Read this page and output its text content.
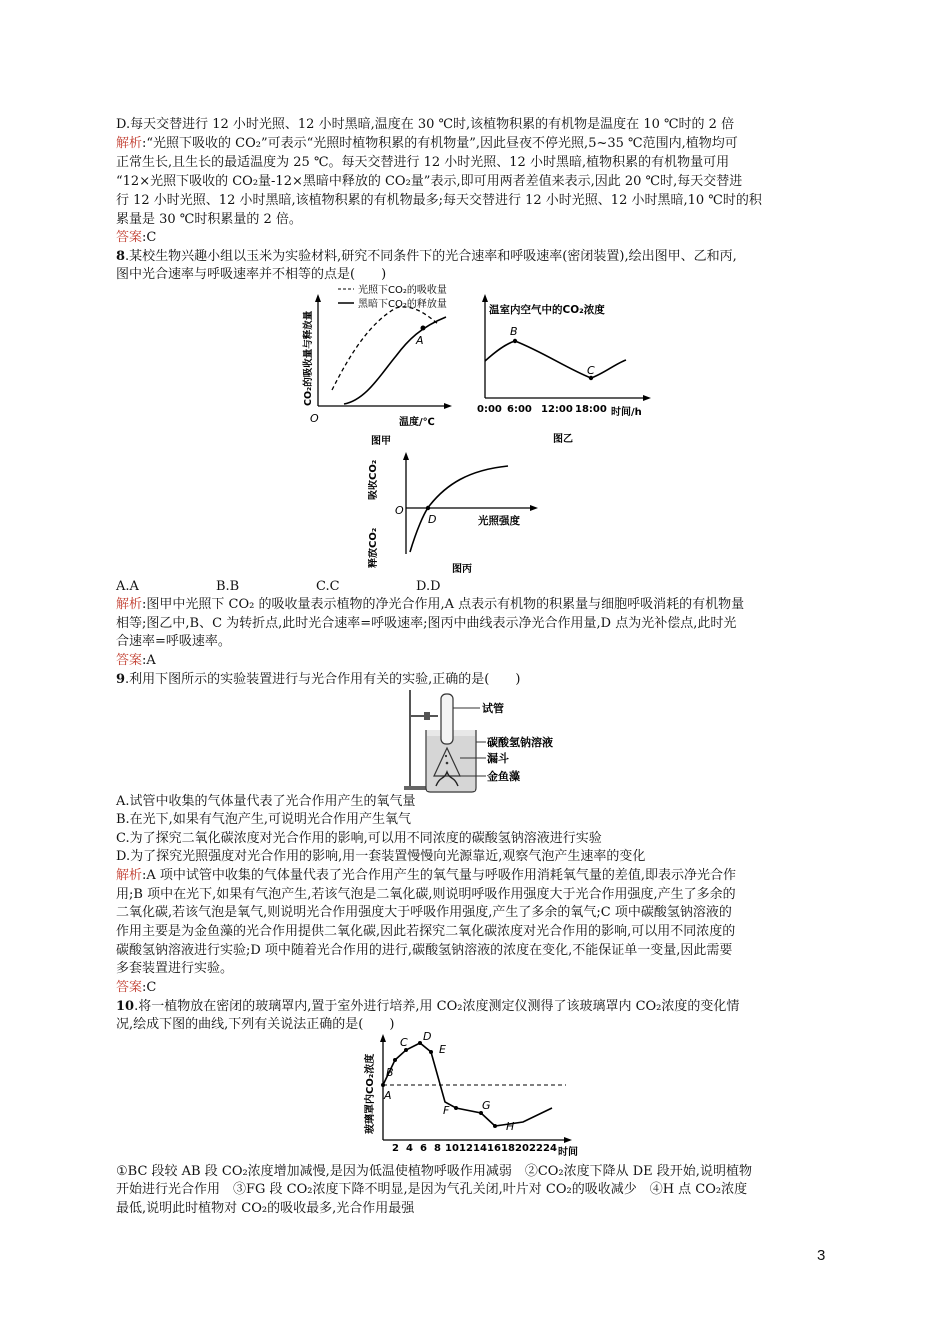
D.每天交替进行 12 小时光照、12 小时黑暗,温度在 30 ℃时,该植物积累的有机物是温度在 10 ℃时的 2 倍
解析:“光照下吸收的 CO₂”可表示“光照时植物积累的有机物量”,因此昼夜不停光照,5~35 ℃范围内,植物均可
正常生长,且生长的最适温度为 25 ℃。每天交替进行 12 小时光照、12 小时黑暗,植物积累的有机物量可用
“12×光照下吸收的 CO₂量-12×黑暗中释放的 CO₂量”表示,即可用两者差值来表示,因此 20 ℃时,每天交替进
行 12 小时光照、12 小时黑暗,该植物积累的有机物最多;每天交替进行 12 小时光照、12 小时黑暗,10 ℃时的积
累量是 30 ℃时积累量的 2 倍。
答案:C
8.某校生物兴趣小组以玉米为实验材料,研究不同条件下的光合速率和呼吸速率(密闭装置),绘出图甲、乙和丙,
图中光合速率与呼吸速率并不相等的点是(　　)
A
光照下CO₂的吸收量
黑暗下CO₂的释放量
CO₂的吸收量与释放量
O	温度/℃
图甲
B
C
温室内空气中的CO₂浓度
0:00 6:00 12:00 18:00 时间/h
图乙
吸收CO₂
释放CO₂
O
D	光照强度
图丙
A.A	B.B	C.C	D.D
解析:图甲中光照下 CO₂ 的吸收量表示植物的净光合作用,A 点表示有机物的积累量与细胞呼吸消耗的有机物量
相等;图乙中,B、C 为转折点,此时光合速率=呼吸速率;图丙中曲线表示净光合作用量,D 点为光补偿点,此时光
合速率=呼吸速率。
答案:A
9.利用下图所示的实验装置进行与光合作用有关的实验,正确的是(　　)
试管
碳酸氢钠溶液
漏斗
金鱼藻
A.试管中收集的气体量代表了光合作用产生的氧气量
B.在光下,如果有气泡产生,可说明光合作用产生氧气
C.为了探究二氧化碳浓度对光合作用的影响,可以用不同浓度的碳酸氢钠溶液进行实验
D.为了探究光照强度对光合作用的影响,用一套装置慢慢向光源靠近,观察气泡产生速率的变化
解析:A 项中试管中收集的气体量代表了光合作用产生的氧气量与呼吸作用消耗氧气量的差值,即表示净光合作
用;B 项中在光下,如果有气泡产生,若该气泡是二氧化碳,则说明呼吸作用强度大于光合作用强度,产生了多余的
二氧化碳,若该气泡是氧气,则说明光合作用强度大于呼吸作用强度,产生了多余的氧气;C 项中碳酸氢钠溶液的
作用主要是为金鱼藻的光合作用提供二氧化碳,因此若探究二氧化碳浓度对光合作用的影响,可以用不同浓度的
碳酸氢钠溶液进行实验;D 项中随着光合作用的进行,碳酸氢钠溶液的浓度在变化,不能保证单一变量,因此需要
多套装置进行实验。
答案:C
10.将一植物放在密闭的玻璃罩内,置于室外进行培养,用 CO₂浓度测定仪测得了该玻璃罩内 CO₂浓度的变化情
况,绘成下图的曲线,下列有关说法正确的是(　　)
A
B
C D
E
F	G
H
玻璃罩内CO₂浓度
2 4 6 8 10 12 14 16 18 20 22 24 时间
①BC 段较 AB 段 CO₂浓度增加减慢,是因为低温使植物呼吸作用减弱　②CO₂浓度下降从 DE 段开始,说明植物
开始进行光合作用　③FG 段 CO₂浓度下降不明显,是因为气孔关闭,叶片对 CO₂的吸收减少　④H 点 CO₂浓度
最低,说明此时植物对 CO₂的吸收最多,光合作用最强
3
